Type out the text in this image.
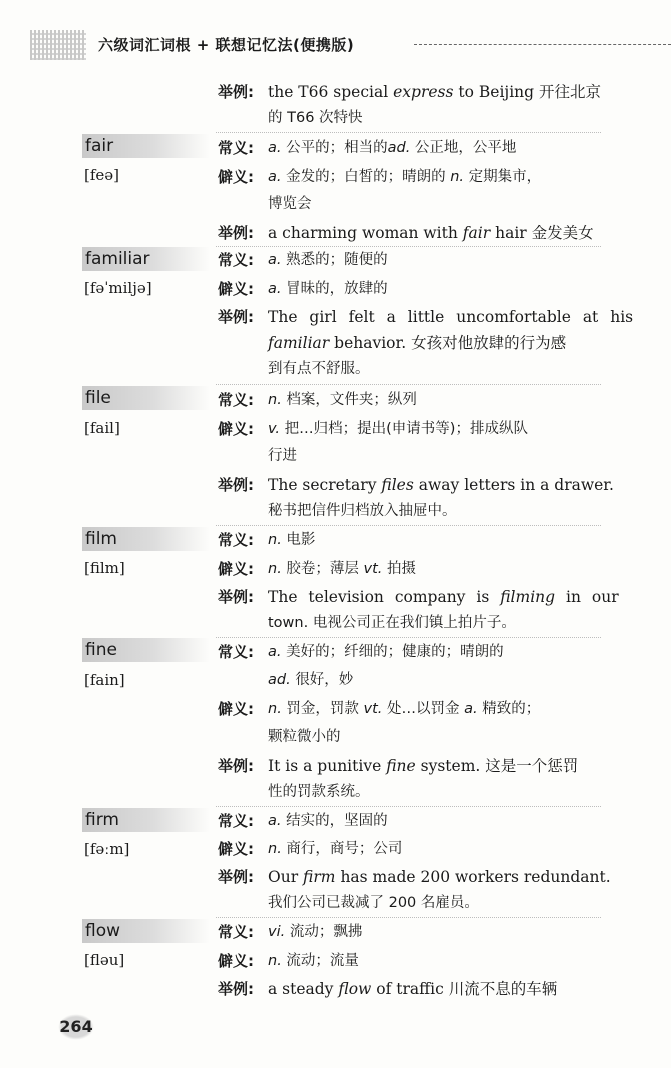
六级词汇词根 + 联想记忆法(便携版)
举例: the T66 special express to Beijing 开往北京
的 T66 次特快
fair
[feə]
常义: a. 公平的；相当的ad. 公正地，公平地
僻义: a. 金发的；白皙的；晴朗的 n. 定期集市，
博览会
举例: a charming woman with fair hair 金发美女
familiar
[fəˈmiljə]
常义: a. 熟悉的；随便的
僻义: a. 冒昧的，放肆的
举例: The girl felt a little uncomfortable at his
familiar behavior. 女孩对他放肆的行为感
到有点不舒服。
file
[fail]
常义: n. 档案，文件夹；纵列
僻义: v. 把…归档；提出(申请书等)；排成纵队
行进
举例: The secretary files away letters in a drawer.
秘书把信件归档放入抽屉中。
film
[film]
常义: n. 电影
僻义: n. 胶卷；薄层 vt. 拍摄
举例: The television company is filming in our
town. 电视公司正在我们镇上拍片子。
fine
[fain]
常义: a. 美好的；纤细的；健康的；晴朗的
ad. 很好，妙
僻义: n. 罚金，罚款 vt. 处…以罚金 a. 精致的；
颗粒微小的
举例: It is a punitive fine system. 这是一个惩罚
性的罚款系统。
firm
[fəːm]
常义: a. 结实的，坚固的
僻义: n. 商行，商号；公司
举例: Our firm has made 200 workers redundant.
我们公司已裁减了 200 名雇员。
flow
[fləu]
常义: vi. 流动；飘拂
僻义: n. 流动；流量
举例: a steady flow of traffic 川流不息的车辆
264
